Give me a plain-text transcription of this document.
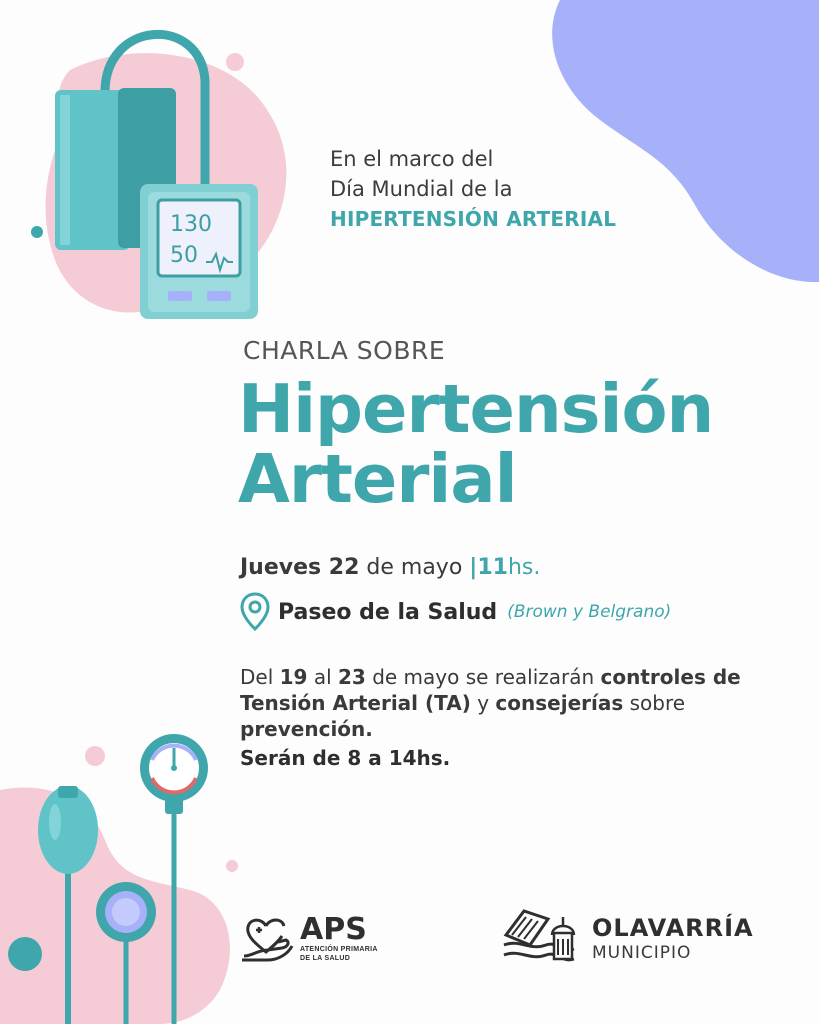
130
50
En el marco del
Día Mundial de la
HIPERTENSIÓN ARTERIAL
CHARLA SOBRE
Hipertensión
Arterial
Jueves 22 de mayo |11hs.
Paseo de la Salud (Brown y Belgrano)
Del 19 al 23 de mayo se realizarán controles de Tensión Arterial (TA) y consejerías sobre prevención.
Serán de 8 a 14hs.
APS
ATENCIÓN PRIMARIA
DE LA SALUD
OLAVARRÍA
MUNICIPIO
